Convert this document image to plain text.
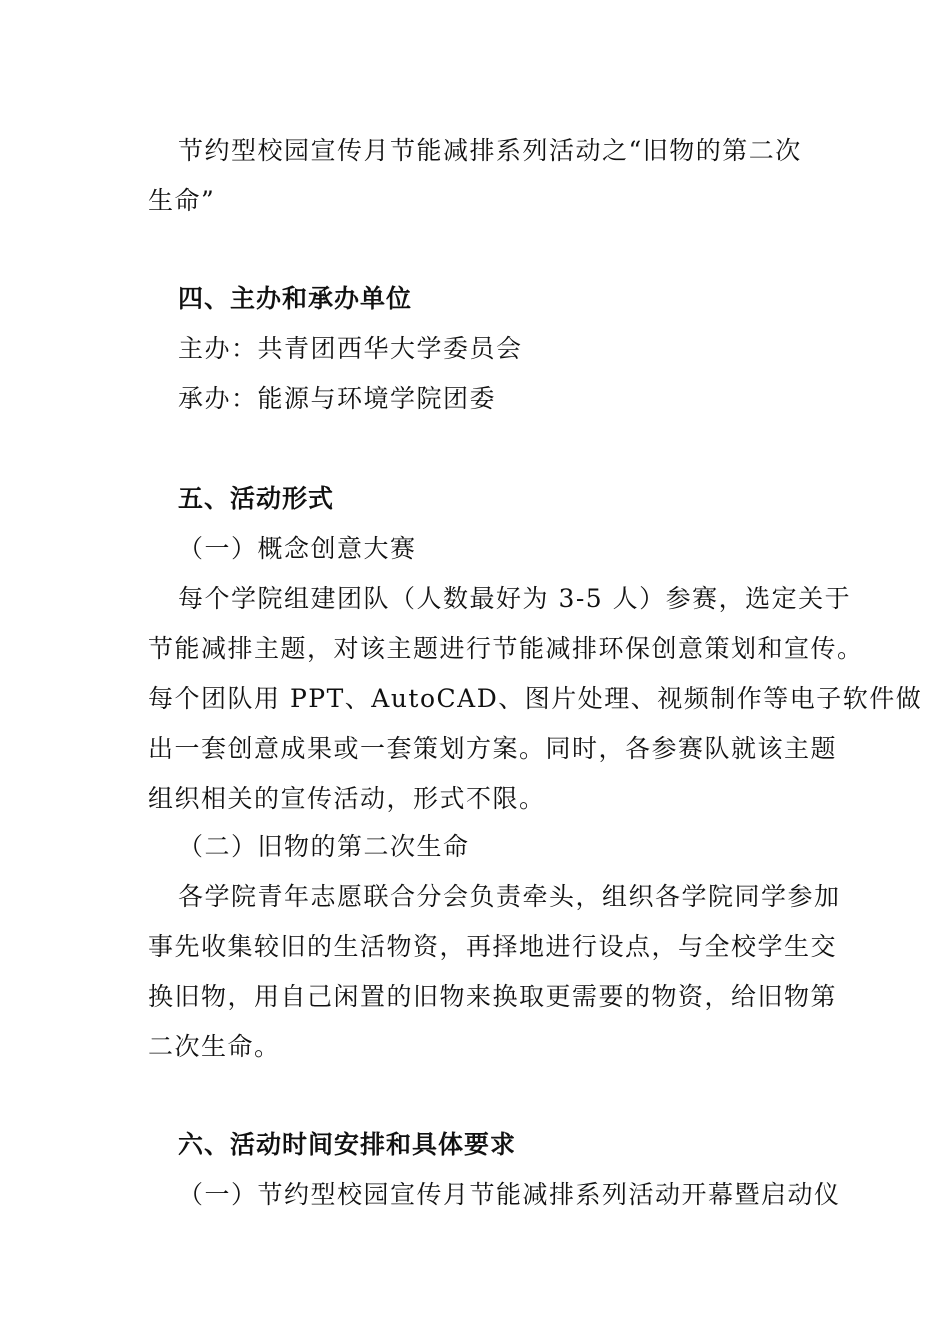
节约型校园宣传月节能减排系列活动之“旧物的第二次
生命”
四、主办和承办单位
主办：共青团西华大学委员会
承办：能源与环境学院团委
五、活动形式
（一）概念创意大赛
每个学院组建团队（人数最好为 3-5 人）参赛，选定关于
节能减排主题，对该主题进行节能减排环保创意策划和宣传。
每个团队用 PPT、AutoCAD、图片处理、视频制作等电子软件做
出一套创意成果或一套策划方案。同时，各参赛队就该主题
组织相关的宣传活动，形式不限。
（二）旧物的第二次生命
各学院青年志愿联合分会负责牵头，组织各学院同学参加
事先收集较旧的生活物资，再择地进行设点，与全校学生交
换旧物，用自己闲置的旧物来换取更需要的物资，给旧物第
二次生命。
六、活动时间安排和具体要求
（一）节约型校园宣传月节能减排系列活动开幕暨启动仪
